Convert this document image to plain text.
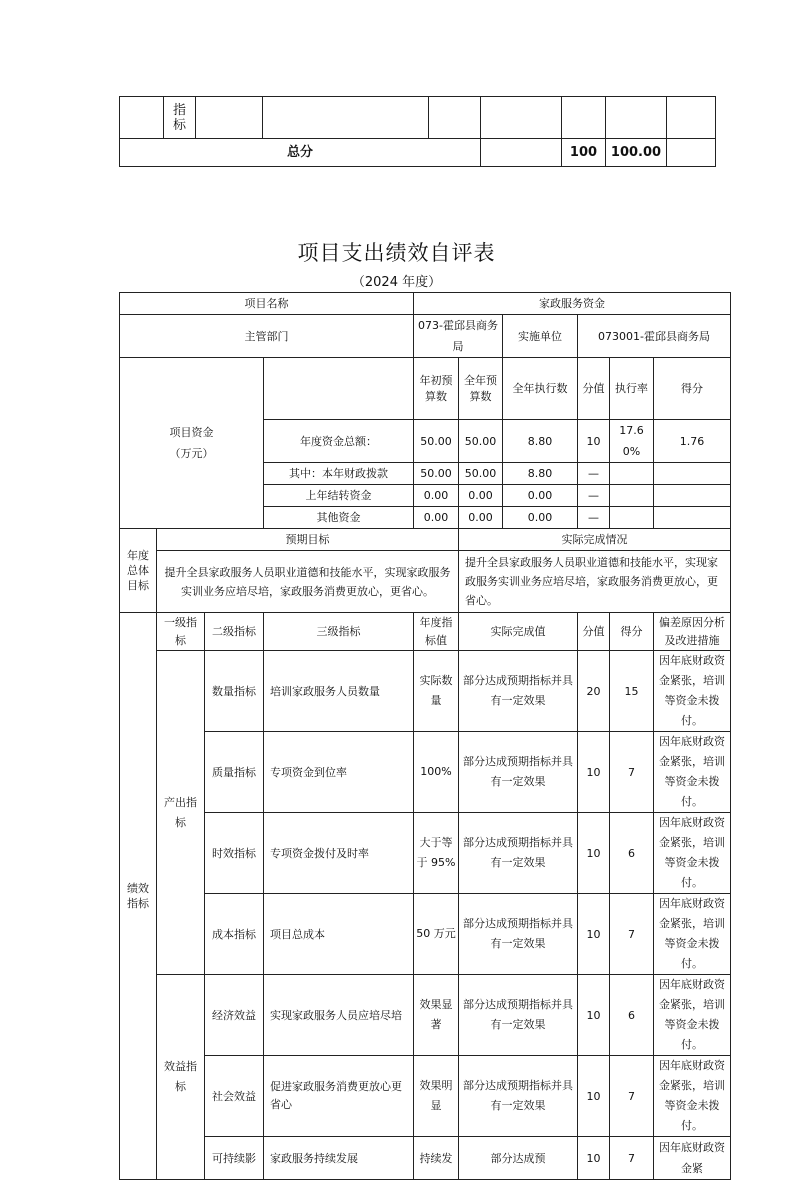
	指
标							
总分						100	100.00	
项目支出绩效自评表
（2024 年度）
项目名称				家政服务资金					
主管部门				073-霍邱县商务局		实施单位	073001-霍邱县商务局		
项目资金
（万元）				年初预算数	全年预算数	全年执行数	分值	执行率	得分
			年度资金总额：	50.00	50.00	8.80	10	17.60%	1.76
			其中：本年财政拨款	50.00	50.00	8.80	—		
			上年结转资金	0.00	0.00	0.00	—		
			其他资金	0.00	0.00	0.00	—		
年度总体目标	预期目标				实际完成情况				
	提升全县家政服务人员职业道德和技能水平，实现家政服务实训业务应培尽培，家政服务消费更放心，更省心。				提升全县家政服务人员职业道德和技能水平，实现家政服务实训业务应培尽培，家政服务消费更放心，更省心。				
绩效指标	一级指标	二级指标	三级指标	年度指标值	实际完成值		分值	得分	偏差原因分析及改进措施
	产出指标	数量指标	培训家政服务人员数量	实际数量	部分达成预期指标并具有一定效果		20	15	因年底财政资金紧张，培训等资金未拨付。
		质量指标	专项资金到位率	100%	部分达成预期指标并具有一定效果		10	7	因年底财政资金紧张，培训等资金未拨付。
		时效指标	专项资金拨付及时率	大于等于 95%	部分达成预期指标并具有一定效果		10	6	因年底财政资金紧张，培训等资金未拨付。
		成本指标	项目总成本	50 万元	部分达成预期指标并具有一定效果		10	7	因年底财政资金紧张，培训等资金未拨付。
	效益指标	经济效益	实现家政服务人员应培尽培	效果显著	部分达成预期指标并具有一定效果		10	6	因年底财政资金紧张，培训等资金未拨付。
		社会效益	促进家政服务消费更放心更省心	效果明显	部分达成预期指标并具有一定效果		10	7	因年底财政资金紧张，培训等资金未拨付。
		可持续影	家政服务持续发展	持续发	部分达成预		10	7	因年底财政资金紧
